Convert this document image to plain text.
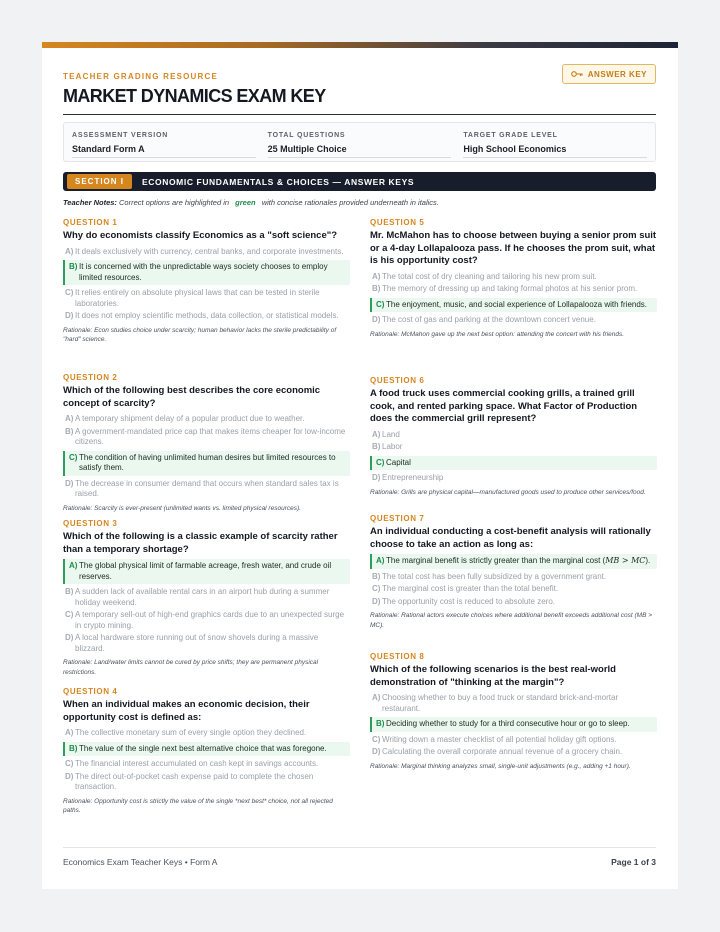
TEACHER GRADING RESOURCE	ANSWER KEY
MARKET DYNAMICS EXAM KEY
ASSESSMENT VERSION
Standard Form A
TOTAL QUESTIONS
25 Multiple Choice
TARGET GRADE LEVEL
High School Economics
SECTION I	ECONOMIC FUNDAMENTALS & CHOICES — ANSWER KEYS
Teacher Notes: Correct options are highlighted in green with concise rationales provided underneath in italics.
QUESTION 1
Why do economists classify Economics as a "soft science"?
A) It deals exclusively with currency, central banks, and corporate investments.
B) It is concerned with the unpredictable ways society chooses to employ limited resources.
C) It relies entirely on absolute physical laws that can be tested in sterile laboratories.
D) It does not employ scientific methods, data collection, or statistical models.
Rationale: Econ studies choice under scarcity; human behavior lacks the sterile predictability of "hard" science.
QUESTION 2
Which of the following best describes the core economic concept of scarcity?
A) A temporary shipment delay of a popular product due to weather.
B) A government-mandated price cap that makes items cheaper for low-income citizens.
C) The condition of having unlimited human desires but limited resources to satisfy them.
D) The decrease in consumer demand that occurs when standard sales tax is raised.
Rationale: Scarcity is ever-present (unlimited wants vs. limited physical resources).
QUESTION 3
Which of the following is a classic example of scarcity rather than a temporary shortage?
A) The global physical limit of farmable acreage, fresh water, and crude oil reserves.
B) A sudden lack of available rental cars in an airport hub during a summer holiday weekend.
C) A temporary sell-out of high-end graphics cards due to an unexpected surge in crypto mining.
D) A local hardware store running out of snow shovels during a massive blizzard.
Rationale: Land/water limits cannot be cured by price shifts; they are permanent physical restrictions.
QUESTION 4
When an individual makes an economic decision, their opportunity cost is defined as:
A) The collective monetary sum of every single option they declined.
B) The value of the single next best alternative choice that was foregone.
C) The financial interest accumulated on cash kept in savings accounts.
D) The direct out-of-pocket cash expense paid to complete the chosen transaction.
Rationale: Opportunity cost is strictly the value of the single *next best* choice, not all rejected paths.
QUESTION 5
Mr. McMahon has to choose between buying a senior prom suit or a 4-day Lollapalooza pass. If he chooses the prom suit, what is his opportunity cost?
A) The total cost of dry cleaning and tailoring his new prom suit.
B) The memory of dressing up and taking formal photos at his senior prom.
C) The enjoyment, music, and social experience of Lollapalooza with friends.
D) The cost of gas and parking at the downtown concert venue.
Rationale: McMahon gave up the next best option: attending the concert with his friends.
QUESTION 6
A food truck uses commercial cooking grills, a trained grill cook, and rented parking space. What Factor of Production does the commercial grill represent?
A) Land
B) Labor
C) Capital
D) Entrepreneurship
Rationale: Grills are physical capital—manufactured goods used to produce other services/food.
QUESTION 7
An individual conducting a cost-benefit analysis will rationally choose to take an action as long as:
A) The marginal benefit is strictly greater than the marginal cost (MB > MC).
B) The total cost has been fully subsidized by a government grant.
C) The marginal cost is greater than the total benefit.
D) The opportunity cost is reduced to absolute zero.
Rationale: Rational actors execute choices where additional benefit exceeds additional cost (MB > MC).
QUESTION 8
Which of the following scenarios is the best real-world demonstration of "thinking at the margin"?
A) Choosing whether to buy a food truck or standard brick-and-mortar restaurant.
B) Deciding whether to study for a third consecutive hour or go to sleep.
C) Writing down a master checklist of all potential holiday gift options.
D) Calculating the overall corporate annual revenue of a grocery chain.
Rationale: Marginal thinking analyzes small, single-unit adjustments (e.g., adding +1 hour).
Economics Exam Teacher Keys • Form A	Page 1 of 3
